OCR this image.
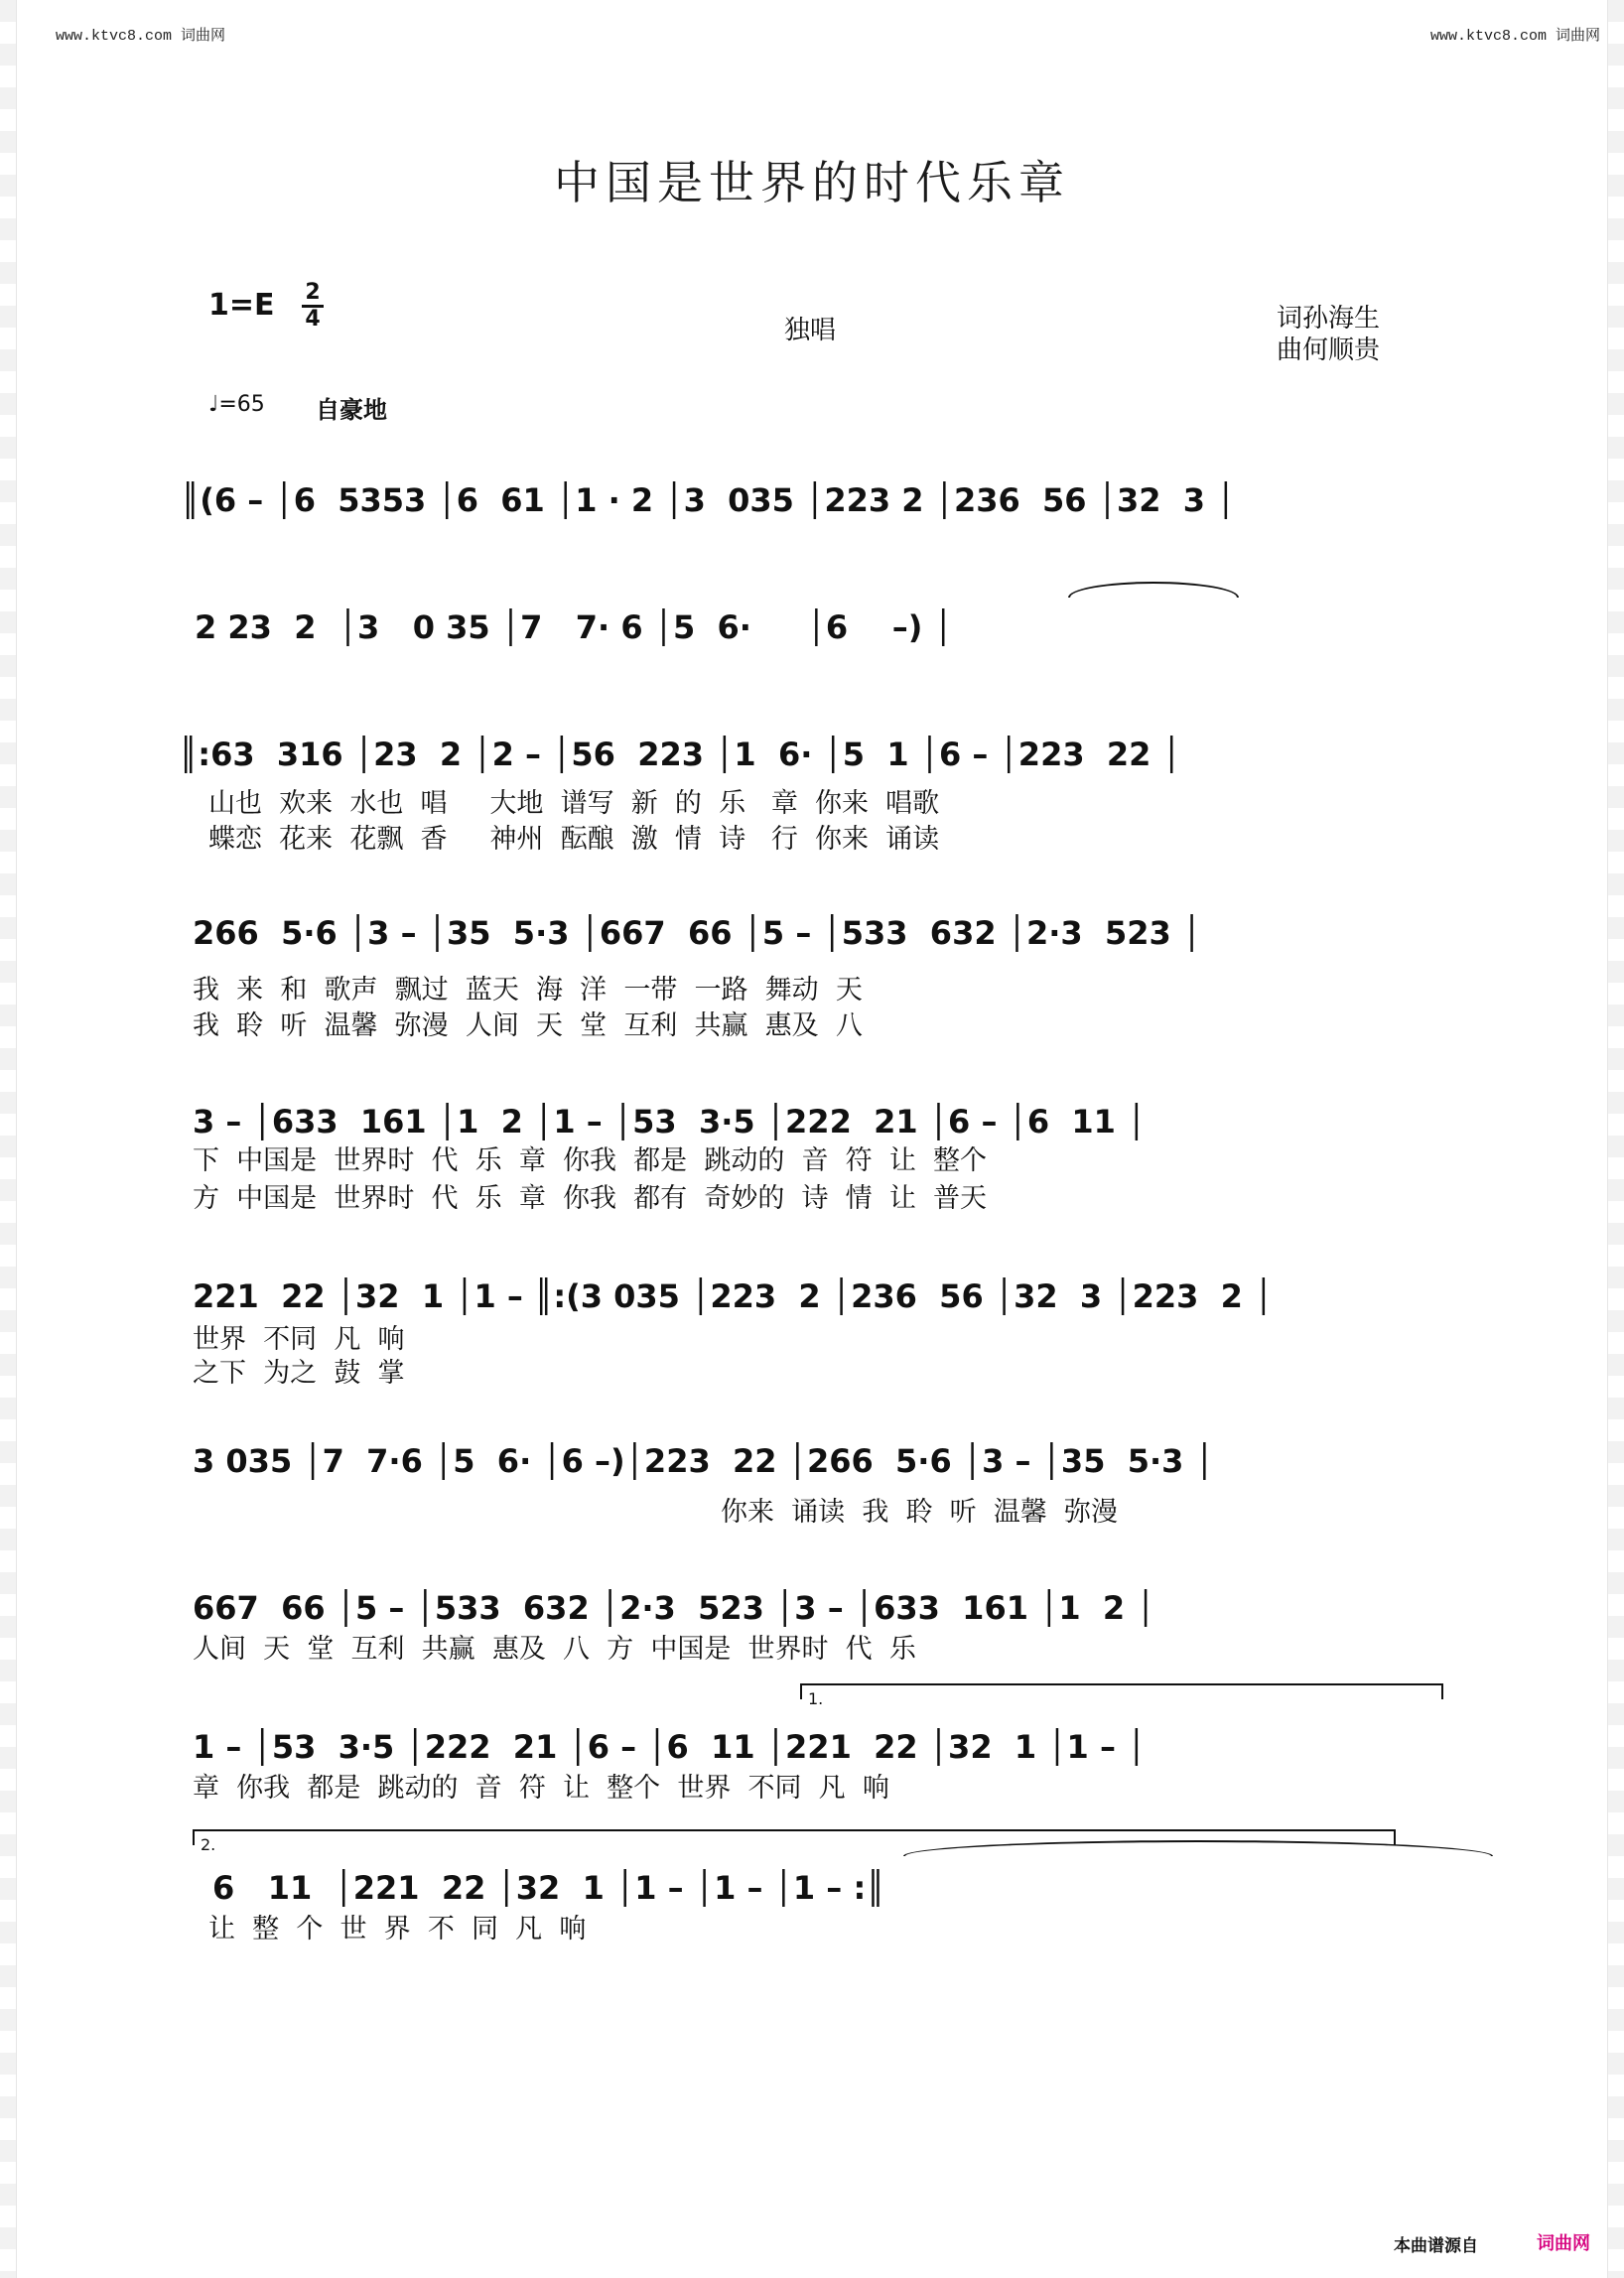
www.ktvc8.com 词曲网	www.ktvc8.com 词曲网
中国是世界的时代乐章
1=E 2
4	独唱	词孙海生
曲何顺贵
♩=65 自豪地
║(6 – │6  5353 │6  61 │1 · 2 │3  035 │223 2 │236  56 │32  3 │
2 23  2  │3   0 35 │7   7· 6 │5  6·     │6    –) │
║:63  316 │23  2 │2 – │56  223 │1  6· │5  1 │6 – │223  22 │
山也  欢来  水也  唱     大地  谱写  新  的  乐   章  你来  唱歌
蝶恋  花来  花飘  香     神州  酝酿  激  情  诗   行  你来  诵读
266  5·6 │3 – │35  5·3 │667  66 │5 – │533  632 │2·3  523 │
我  来  和  歌声  飘过  蓝天  海  洋  一带  一路  舞动  天
我  聆  听  温馨  弥漫  人间  天  堂  互利  共赢  惠及  八
3 – │633  161 │1  2 │1 – │53  3·5 │222  21 │6 – │6  11 │
下  中国是  世界时  代  乐  章  你我  都是  跳动的  音  符  让  整个
方  中国是  世界时  代  乐  章  你我  都有  奇妙的  诗  情  让  普天
221  22 │32  1 │1 – ║:(3 035 │223  2 │236  56 │32  3 │223  2 │
世界  不同  凡  响
之下  为之  鼓  掌
3 035 │7  7·6 │5  6· │6 –)│223  22 │266  5·6 │3 – │35  5·3 │
你来  诵读  我  聆  听  温馨  弥漫
667  66 │5 – │533  632 │2·3  523 │3 – │633  161 │1  2 │
人间  天  堂  互利  共赢  惠及  八  方  中国是  世界时  代  乐
1.
1 – │53  3·5 │222  21 │6 – │6  11 │221  22 │32  1 │1 – │
章  你我  都是  跳动的  音  符  让  整个  世界  不同  凡  响
2.
6   11  │221  22 │32  1 │1 – │1 – │1 – :║
让  整  个  世  界  不  同  凡  响
本曲谱源自	词曲网
